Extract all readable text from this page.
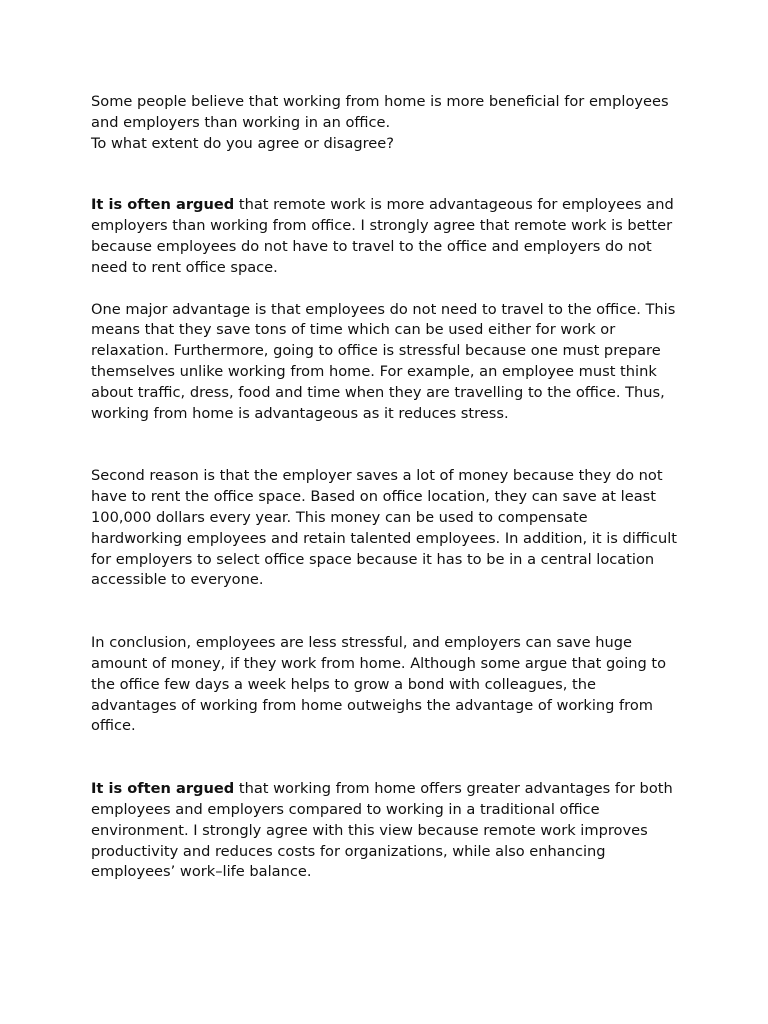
Some people believe that working from home is more beneficial for employees and employers than working in an office.

To what extent do you agree or disagree?

It is often argued that remote work is more advantageous for employees and employers than working from office. I strongly agree that remote work is better because employees do not have to travel to the office and employers do not need to rent office space.

One major advantage is that employees do not need to travel to the office. This means that they save tons of time which can be used either for work or relaxation. Furthermore, going to office is stressful because one must prepare themselves unlike working from home. For example, an employee must think about traffic, dress, food and time when they are travelling to the office. Thus, working from home is advantageous as it reduces stress.

Second reason is that the employer saves a lot of money because they do not have to rent the office space. Based on office location, they can save at least 100,000 dollars every year. This money can be used to compensate hardworking employees and retain talented employees. In addition, it is difficult for employers to select office space because it has to be in a central location accessible to everyone.

In conclusion, employees are less stressful, and employers can save huge amount of money, if they work from home. Although some argue that going to the office few days a week helps to grow a bond with colleagues, the advantages of working from home outweighs the advantage of working from office.

It is often argued that working from home offers greater advantages for both employees and employers compared to working in a traditional office environment. I strongly agree with this view because remote work improves productivity and reduces costs for organizations, while also enhancing employees’ work–life balance.
